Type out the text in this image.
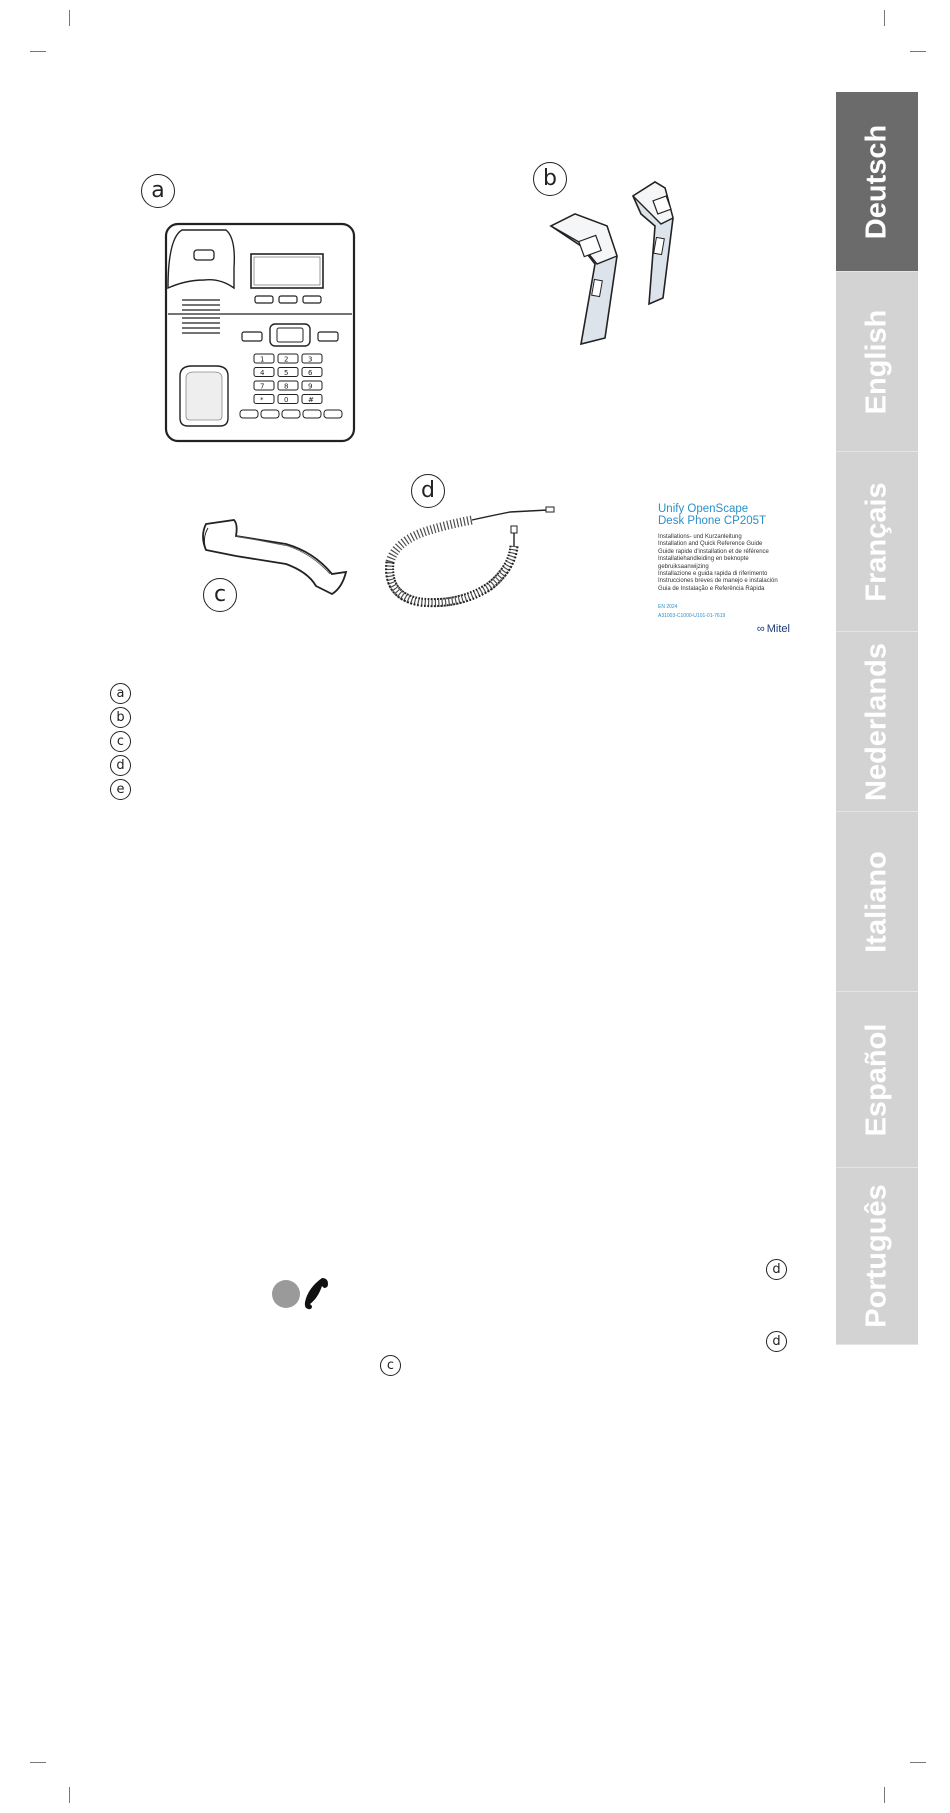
a
1	2	3
4	5	6
7	8	9
*	0	#
b
c
d
Unify OpenScape
Desk Phone CP205T
Installations- und Kurzanleitung
Installation and Quick Reference Guide
Guide rapide d'installation et de référence
Installatiehandleiding en beknopte gebruiksaanwijzing
Installazione e guida rapida di riferimento
Instrucciones breves de manejo e instalación
Guia de Instalação e Referência Rápida
EN 2024
A31003-C1000-U101-01-7619
∞ Mitel
a
b
c
d
e
d
d
c
Deutsch
English
Français
Nederlands
Italiano
Español
Português
